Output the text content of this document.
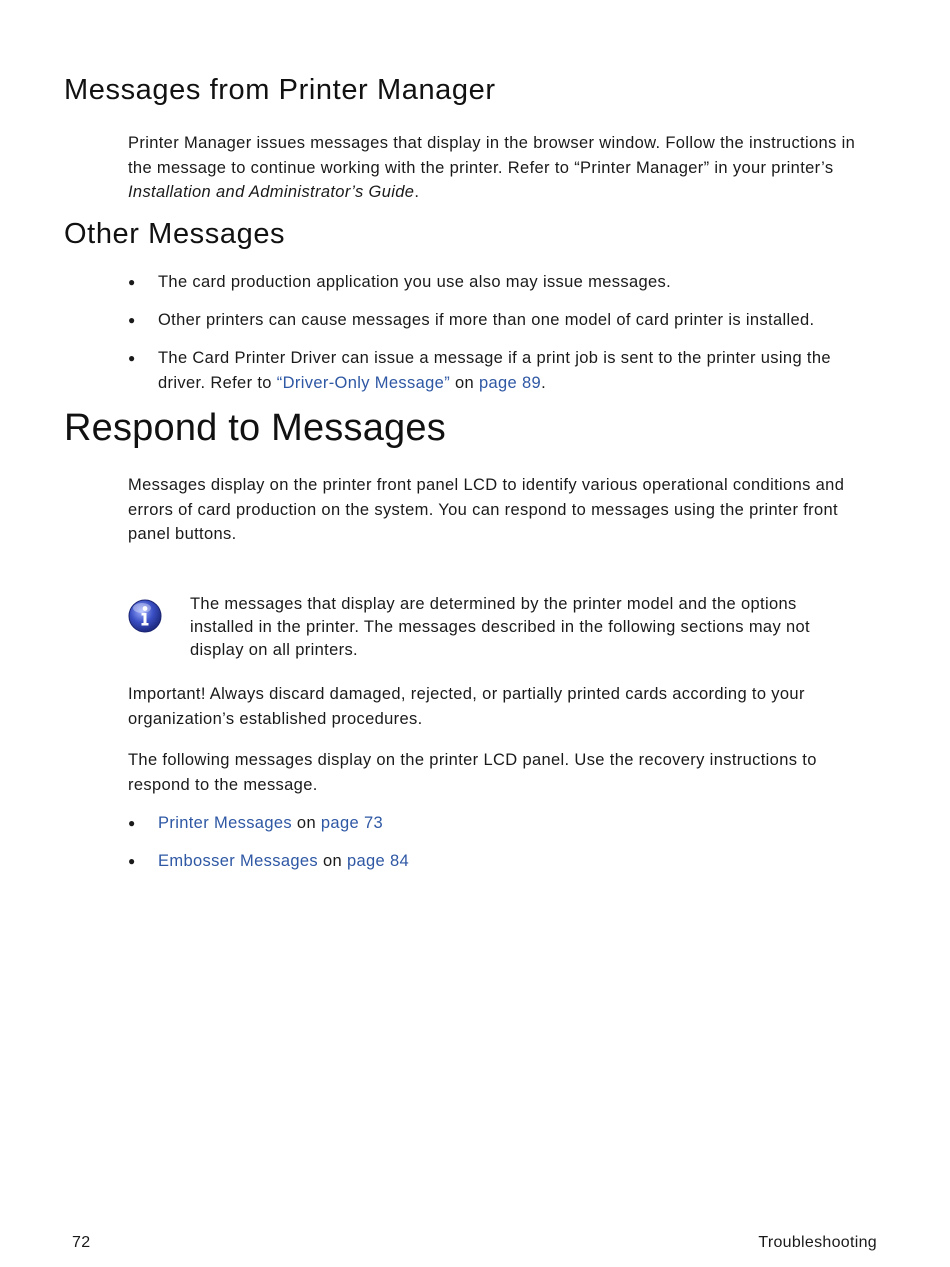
Messages from Printer Manager

Printer Manager issues messages that display in the browser window. Follow the instructions in the message to continue working with the printer. Refer to “Printer Manager” in your printer’s Installation and Administrator’s Guide.

Other Messages
●	The card production application you use also may issue messages.
●	Other printers can cause messages if more than one model of card printer is installed.
●	The Card Printer Driver can issue a message if a print job is sent to the printer using the driver. Refer to “Driver-Only Message” on page 89.
Respond to Messages

Messages display on the printer front panel LCD to identify various operational conditions and errors of card production on the system. You can respond to messages using the printer front panel buttons.

The messages that display are determined by the printer model and the options installed in the printer. The messages described in the following sections may not display on all printers.

Important! Always discard damaged, rejected, or partially printed cards according to your organization’s established procedures.

The following messages display on the printer LCD panel. Use the recovery instructions to respond to the message.

●	Printer Messages on page 73
●	Embosser Messages on page 84
72	Troubleshooting
